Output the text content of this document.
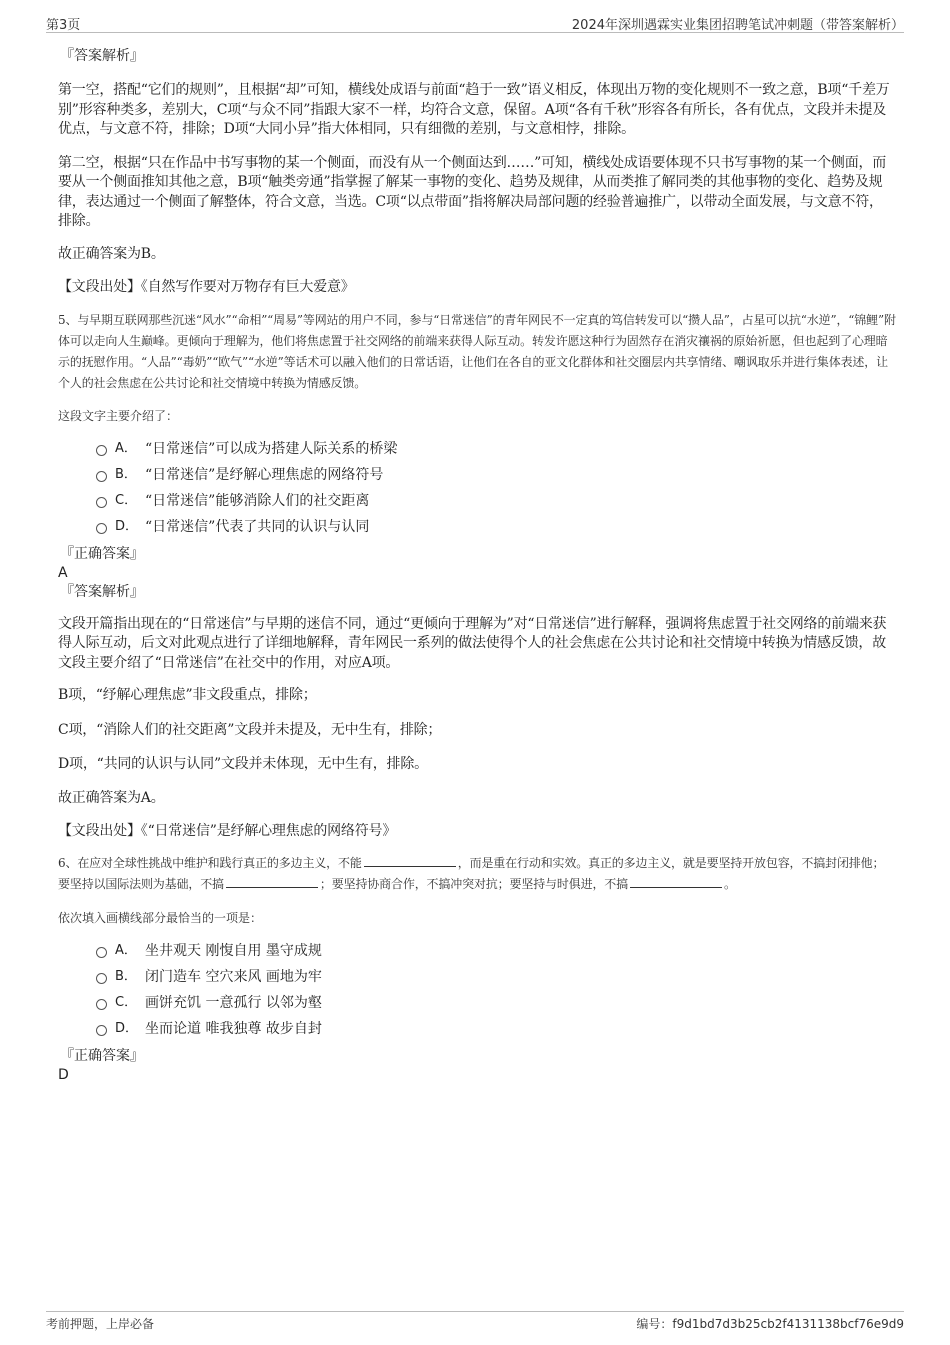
第3页	2024年深圳遇霖实业集团招聘笔试冲刺题（带答案解析）

『答案解析』

第一空，搭配“它们的规则”，且根据“却”可知，横线处成语与前面“趋于一致”语义相反，体现出万物的变化规则不一致之意，B项“千差万别”形容种类多，差别大，C项“与众不同”指跟大家不一样，均符合文意，保留。A项“各有千秋”形容各有所长，各有优点，文段并未提及优点，与文意不符，排除；D项“大同小异”指大体相同，只有细微的差别，与文意相悖，排除。

第二空，根据“只在作品中书写事物的某一个侧面，而没有从一个侧面达到……”可知，横线处成语要体现不只书写事物的某一个侧面，而要从一个侧面推知其他之意，B项“触类旁通”指掌握了解某一事物的变化、趋势及规律，从而类推了解同类的其他事物的变化、趋势及规律，表达通过一个侧面了解整体，符合文意，当选。C项“以点带面”指将解决局部问题的经验普遍推广，以带动全面发展，与文意不符，排除。

故正确答案为B。

【文段出处】《自然写作要对万物存有巨大爱意》

5、与早期互联网那些沉迷“风水”“命相”“周易”等网站的用户不同，参与“日常迷信”的青年网民不一定真的笃信转发可以“攒人品”，占星可以抗“水逆”，“锦鲤”附体可以走向人生巅峰。更倾向于理解为，他们将焦虑置于社交网络的前端来获得人际互动。转发许愿这种行为固然存在消灾禳祸的原始祈愿，但也起到了心理暗示的抚慰作用。“人品”“毒奶”“欧气”“水逆”等话术可以融入他们的日常话语，让他们在各自的亚文化群体和社交圈层内共享情绪、嘲讽取乐并进行集体表述，让个人的社会焦虑在公共讨论和社交情境中转换为情感反馈。

这段文字主要介绍了：

A． “日常迷信”可以成为搭建人际关系的桥梁
B． “日常迷信”是纾解心理焦虑的网络符号
C． “日常迷信”能够消除人们的社交距离
D． “日常迷信”代表了共同的认识与认同

『正确答案』

A

『答案解析』

文段开篇指出现在的“日常迷信”与早期的迷信不同，通过“更倾向于理解为”对“日常迷信”进行解释，强调将焦虑置于社交网络的前端来获得人际互动，后文对此观点进行了详细地解释，青年网民一系列的做法使得个人的社会焦虑在公共讨论和社交情境中转换为情感反馈，故文段主要介绍了“日常迷信”在社交中的作用，对应A项。

B项，“纾解心理焦虑”非文段重点，排除；

C项，“消除人们的社交距离”文段并未提及，无中生有，排除；

D项，“共同的认识与认同”文段并未体现，无中生有，排除。

故正确答案为A。

【文段出处】《“日常迷信”是纾解心理焦虑的网络符号》

6、在应对全球性挑战中维护和践行真正的多边主义，不能	，而是重在行动和实效。真正的多边主义，就是要坚持开放包容，不搞封闭排他；要坚持以国际法则为基础，不搞	；要坚持协商合作，不搞冲突对抗；要坚持与时俱进，不搞	。

依次填入画横线部分最恰当的一项是：

A． 坐井观天 刚愎自用 墨守成规
B． 闭门造车 空穴来风 画地为牢
C． 画饼充饥 一意孤行 以邻为壑
D． 坐而论道 唯我独尊 故步自封

『正确答案』

D

考前押题，上岸必备	编号：f9d1bd7d3b25cb2f4131138bcf76e9d9
